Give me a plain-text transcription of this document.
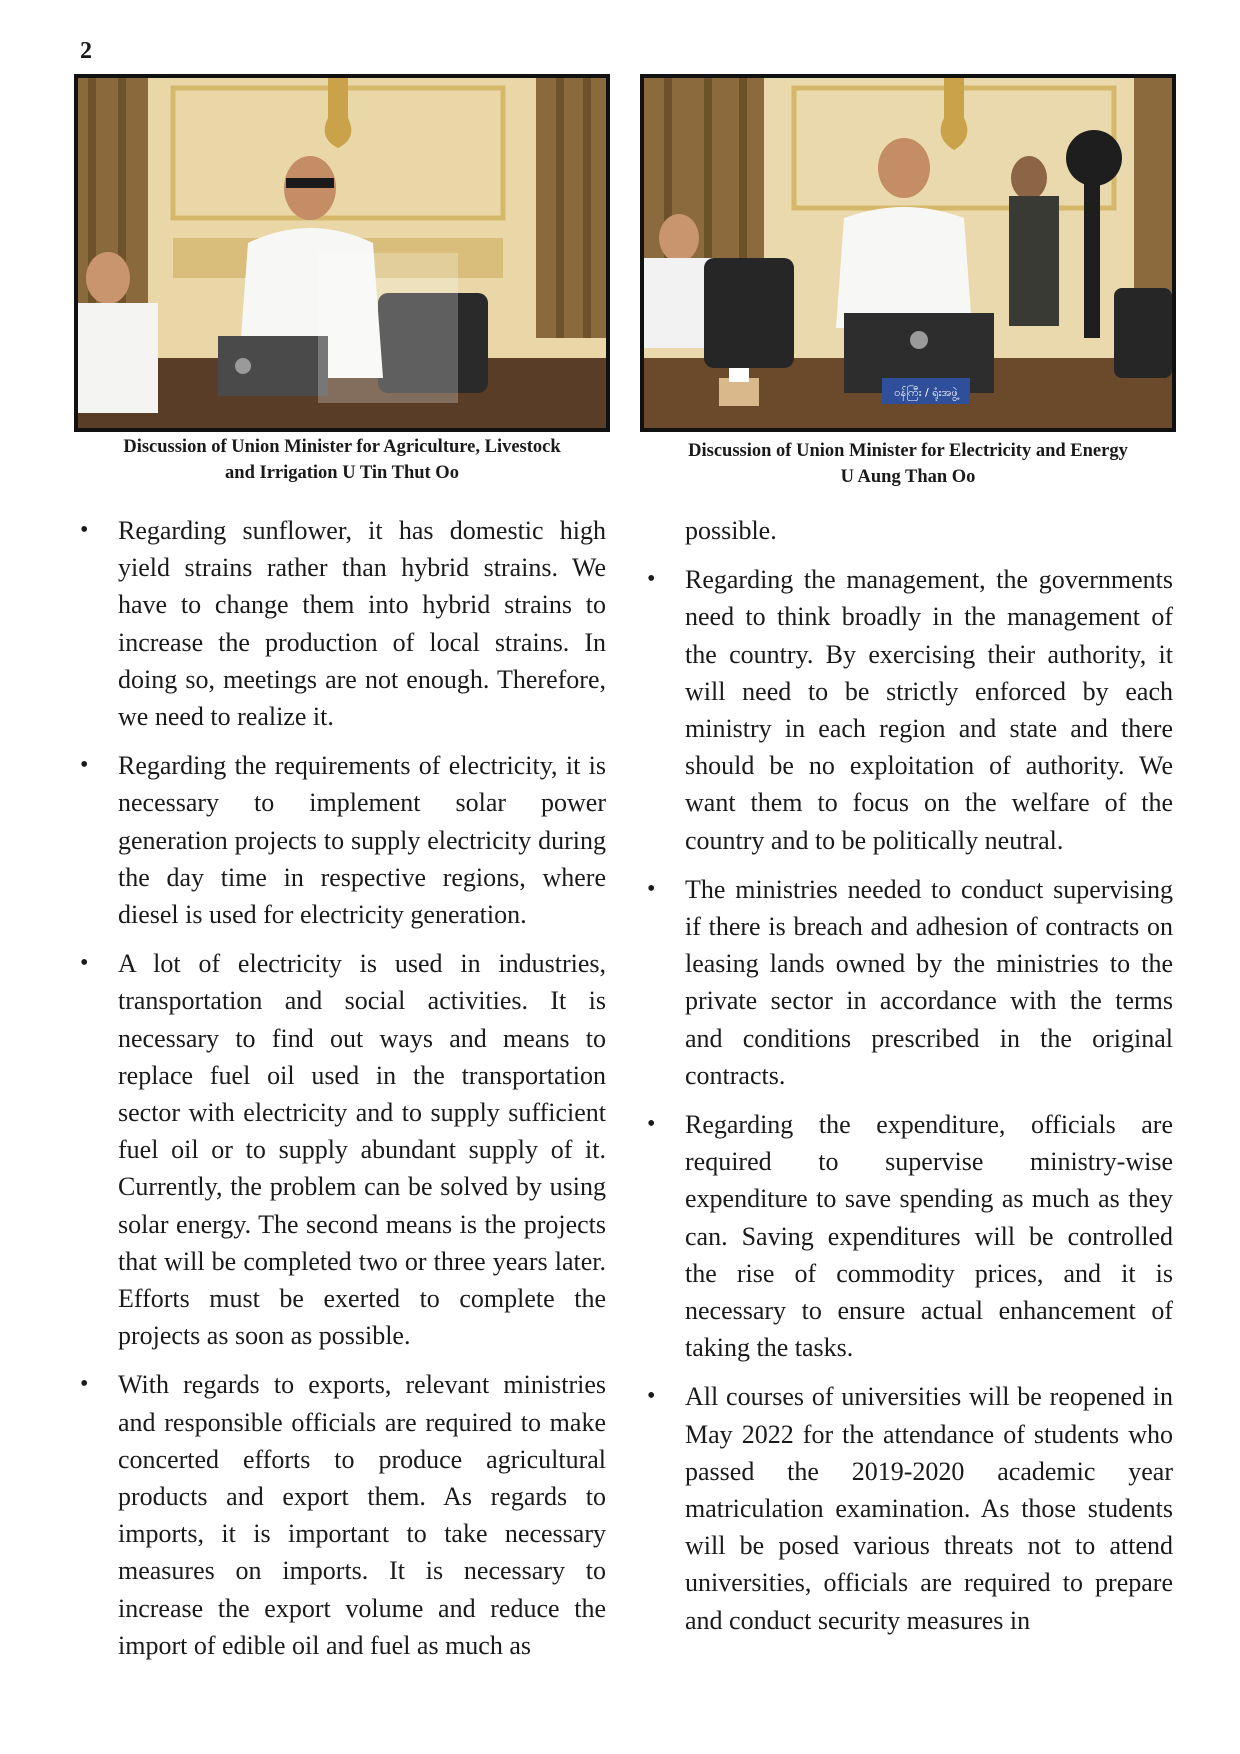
2
Discussion of Union Minister for Agriculture, Livestock
and Irrigation U Tin Thut Oo
ဝန်ကြီး / ရုံးအဖွဲ့
Discussion of Union Minister for Electricity and Energy
U Aung Than Oo
• Regarding sunflower, it has domestic high yield strains rather than hybrid strains. We have to change them into hybrid strains to increase the production of local strains. In doing so, meetings are not enough. Therefore, we need to realize it.
• Regarding the requirements of electricity, it is necessary to implement solar power generation projects to supply electricity during the day time in respective regions, where diesel is used for electricity generation.
• A lot of electricity is used in industries, transportation and social activities. It is necessary to find out ways and means to replace fuel oil used in the transportation sector with electricity and to supply sufficient fuel oil or to supply abundant supply of it. Currently, the problem can be solved by using solar energy. The second means is the projects that will be completed two or three years later. Efforts must be exerted to complete the projects as soon as possible.
• With regards to exports, relevant ministries and responsible officials are required to make concerted efforts to produce agricultural products and export them. As regards to imports, it is important to take necessary measures on imports. It is necessary to increase the export volume and reduce the import of edible oil and fuel as much as

possible.

• Regarding the management, the governments need to think broadly in the management of the country. By exercising their authority, it will need to be strictly enforced by each ministry in each region and state and there should be no exploitation of authority. We want them to focus on the welfare of the country and to be politically neutral.
• The ministries needed to conduct supervising if there is breach and adhesion of contracts on leasing lands owned by the ministries to the private sector in accordance with the terms and conditions prescribed in the original contracts.
• Regarding the expenditure, officials are required to supervise ministry-wise expenditure to save spending as much as they can. Saving expenditures will be controlled the rise of commodity prices, and it is necessary to ensure actual enhancement of taking the tasks.
• All courses of universities will be reopened in May 2022 for the attendance of students who passed the 2019-2020 academic year matriculation examination. As those students will be posed various threats not to attend universities, officials are required to prepare and conduct security measures in
